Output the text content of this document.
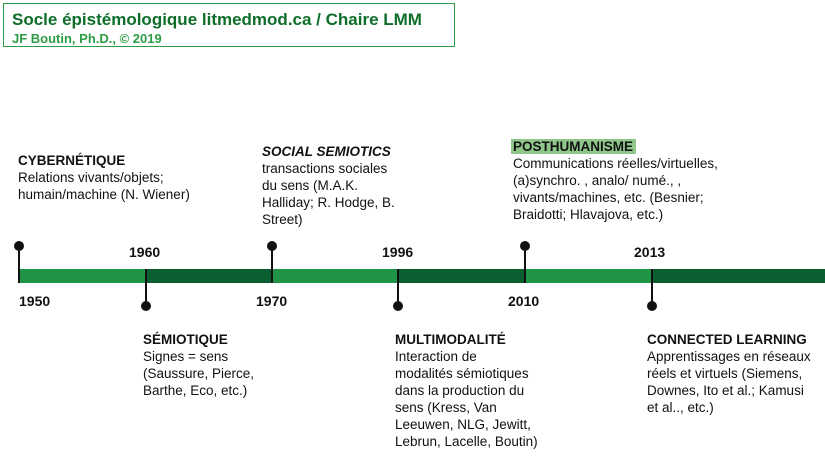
Socle épistémologique litmedmod.ca / Chaire LMM
JF Boutin, Ph.D., © 2019
1950
1960
1970
1996
2010
2013
CYBERNÉTIQUE
Relations vivants/objets;
humain/machine (N. Wiener)
SOCIAL SEMIOTICS
transactions sociales
du sens (M.A.K.
Halliday; R. Hodge, B.
Street)
POSTHUMANISME
Communications réelles/virtuelles,
(a)synchro. , analo/ numé., ,
vivants/machines, etc. (Besnier;
Braidotti; Hlavajova, etc.)
SÉMIOTIQUE
Signes = sens
(Saussure, Pierce,
Barthe, Eco, etc.)
MULTIMODALITÉ
Interaction de
modalités sémiotiques
dans la production du
sens (Kress, Van
Leeuwen, NLG, Jewitt,
Lebrun, Lacelle, Boutin)
CONNECTED LEARNING
Apprentissages en réseaux
réels et virtuels (Siemens,
Downes, Ito et al.; Kamusi
et al.., etc.)
